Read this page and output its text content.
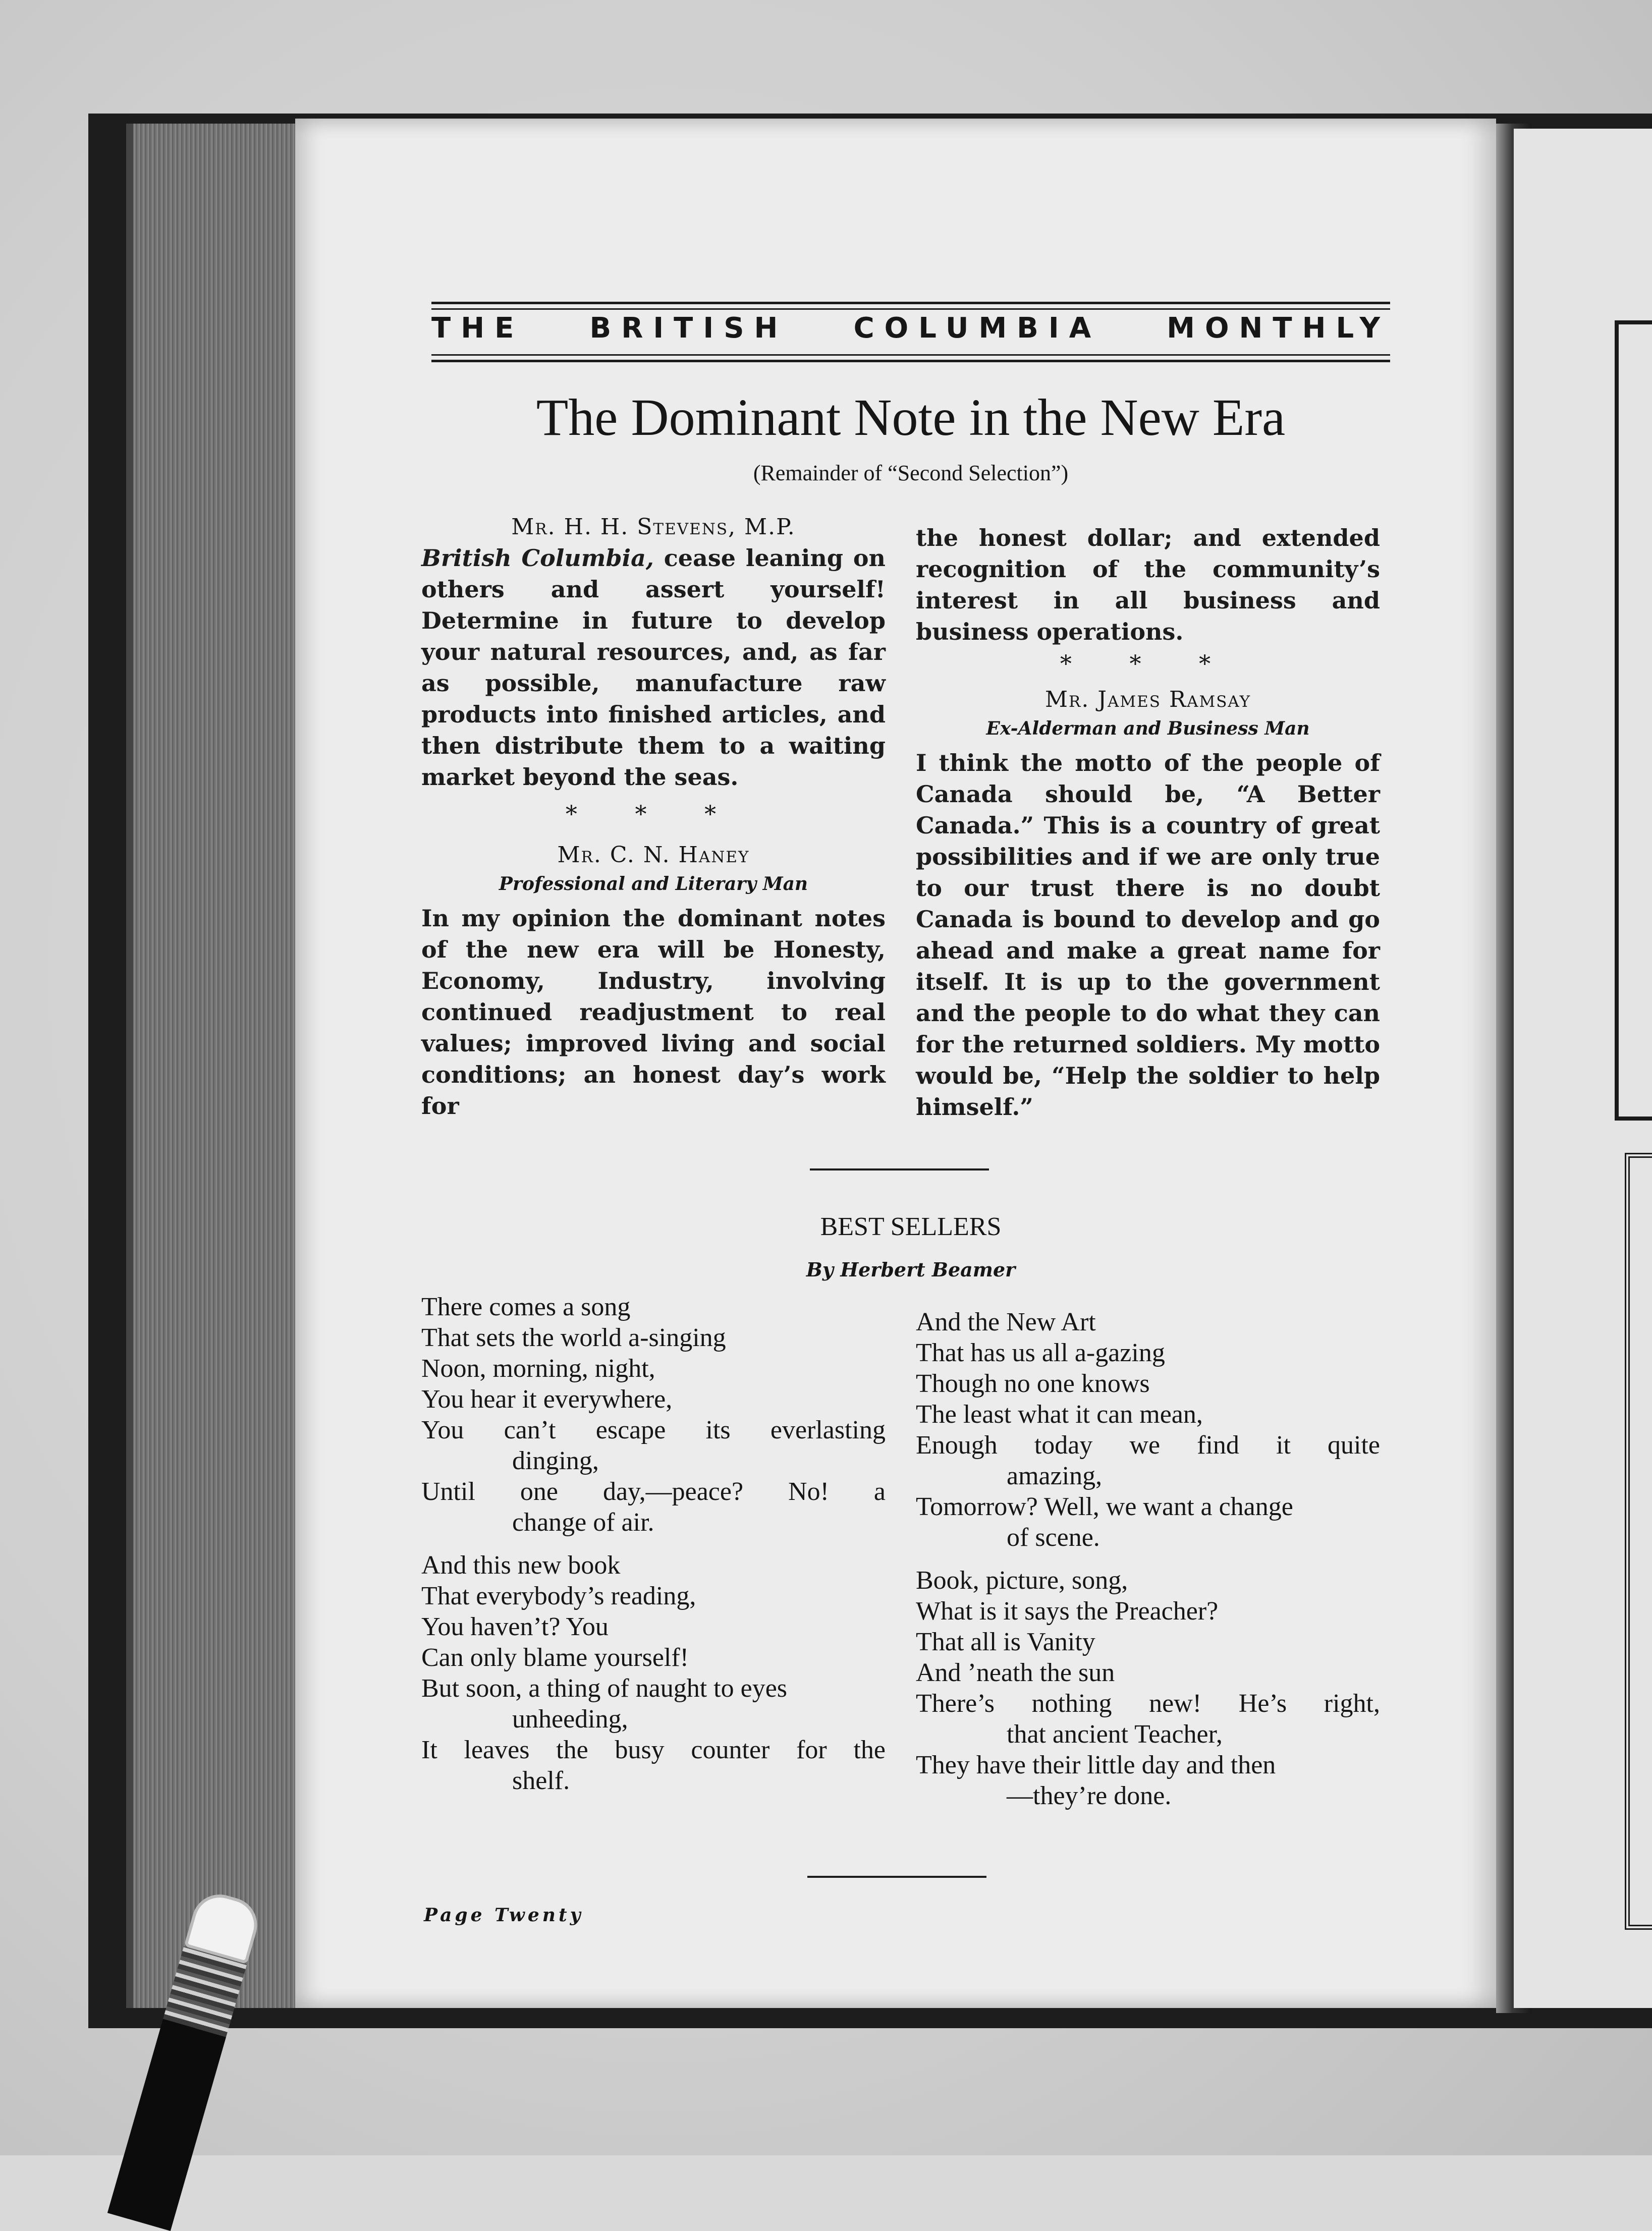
THE BRITISH COLUMBIA MONTHLY
The Dominant Note in the New Era
(Remainder of “Second Selection”)

Mr. H. H. Stevens, M.P.

British Columbia, cease leaning on others and assert yourself! Determine in future to develop your natural resources, and, as far as possible, manufacture raw products into finished articles, and then distribute them to a waiting market beyond the seas.

* * *

Mr. C. N. Haney

Professional and Literary Man

In my opinion the dominant notes of the new era will be Honesty, Economy, Industry, involving continued readjustment to real values; improved living and social conditions; an honest day’s work for

the honest dollar; and extended recognition of the community’s interest in all business and business operations.

* * *

Mr. James Ramsay

Ex-Alderman and Business Man

I think the motto of the people of Canada should be, “A Better Canada.” This is a country of great possibilities and if we are only true to our trust there is no doubt Canada is bound to develop and go ahead and make a great name for itself. It is up to the government and the people to do what they can for the returned soldiers. My motto would be, “Help the soldier to help himself.”

BEST SELLERS
By Herbert Beamer

There comes a song

That sets the world a-singing

Noon, morning, night,

You hear it everywhere,

You can’t escape its everlasting

dinging,

Until one day,—peace? No! a

change of air.

And this new book

That everybody’s reading,

You haven’t? You

Can only blame yourself!

But soon, a thing of naught to eyes

unheeding,

It leaves the busy counter for the

shelf.

And the New Art

That has us all a-gazing

Though no one knows

The least what it can mean,

Enough today we find it quite

amazing,

Tomorrow? Well, we want a change

of scene.

Book, picture, song,

What is it says the Preacher?

That all is Vanity

And ’neath the sun

There’s nothing new! He’s right,

that ancient Teacher,

They have their little day and then

—they’re done.

Page Twenty
